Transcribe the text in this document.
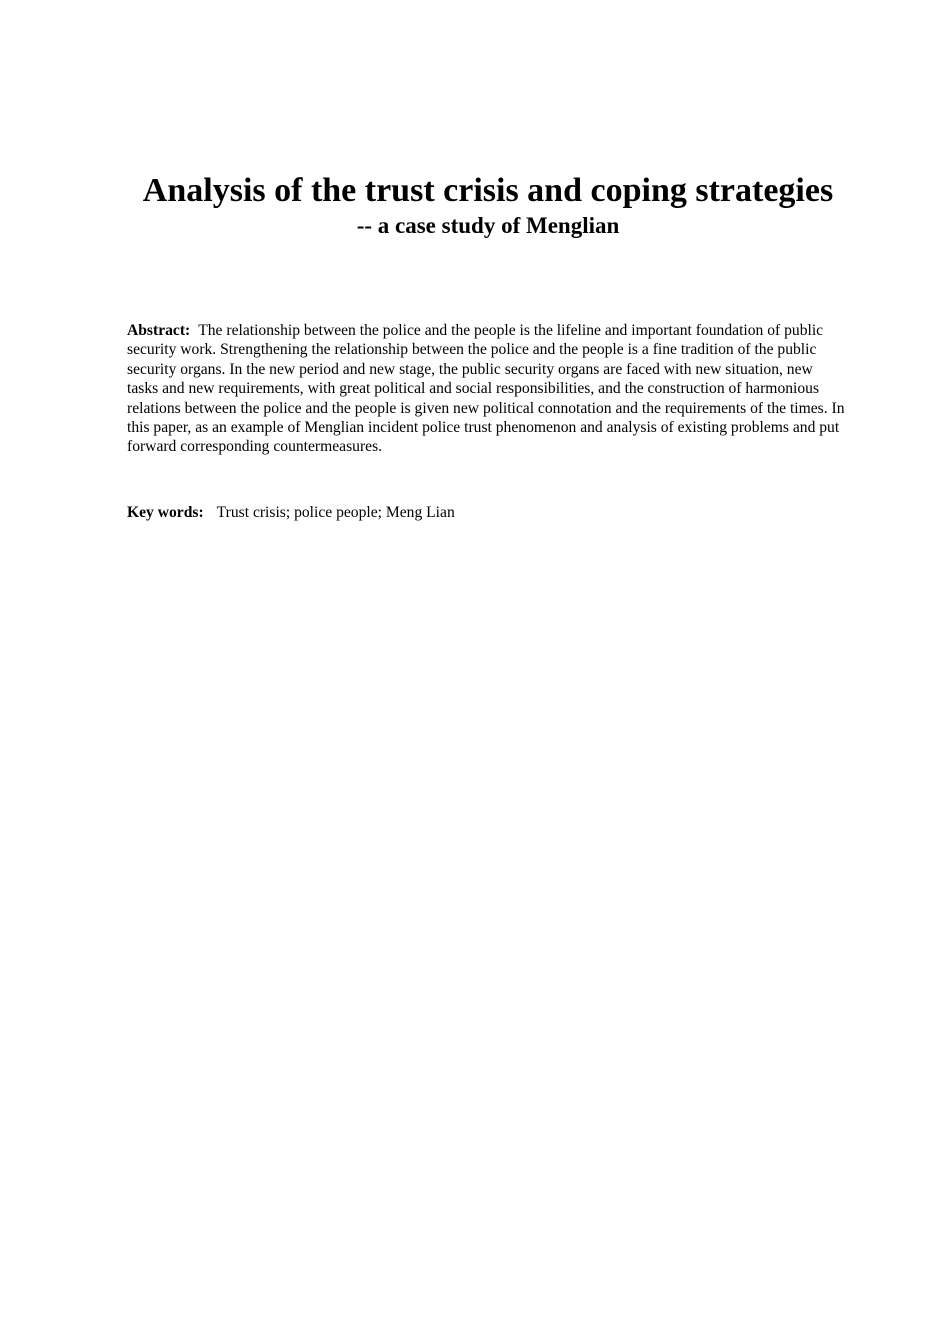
Analysis of the trust crisis and coping strategies
-- a case study of Menglian

Abstract: The relationship between the police and the people is the lifeline and important foundation of public security work. Strengthening the relationship between the police and the people is a fine tradition of the public security organs. In the new period and new stage, the public security organs are faced with new situation, new tasks and new requirements, with great political and social responsibilities, and the construction of harmonious relations between the police and the people is given new political connotation and the requirements of the times. In this paper, as an example of Menglian incident police trust phenomenon and analysis of existing problems and put forward corresponding countermeasures.

Key words: Trust crisis; police people; Meng Lian
